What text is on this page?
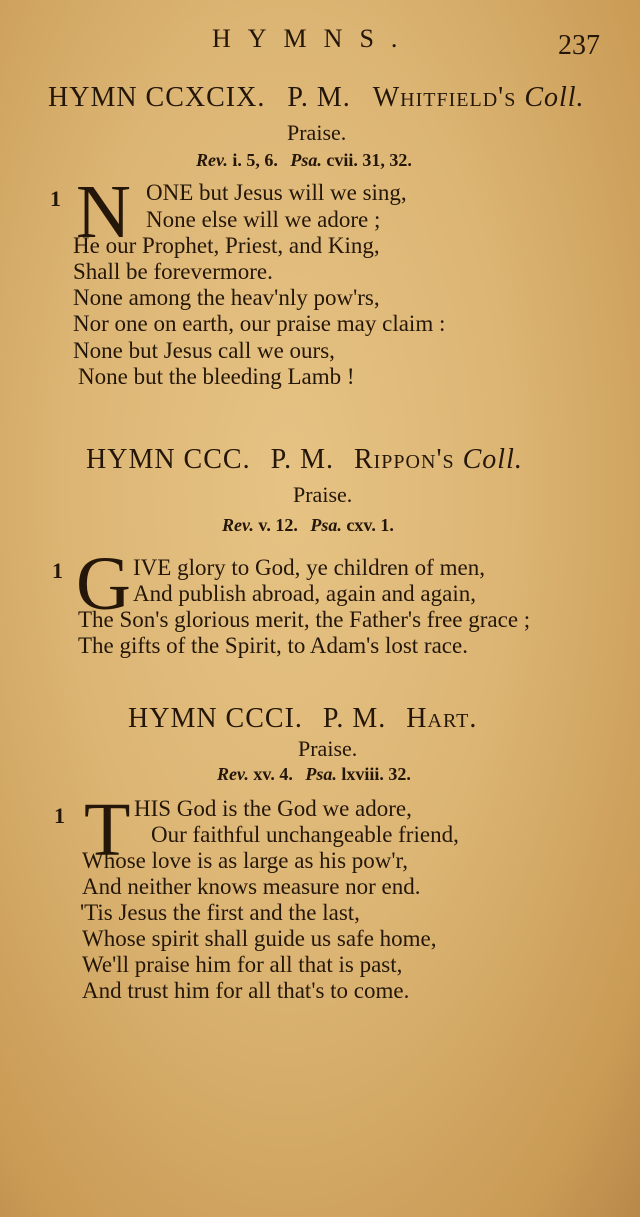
HYMNS.	237
HYMN CCXCIX. P. M. Whitfield's Coll.
Praise.
Rev. i. 5, 6. Psa. cvii. 31, 32.
1 N ONE but Jesus will we sing,
None else will we adore ;
He our Prophet, Priest, and King,
Shall be forevermore.
None among the heav'nly pow'rs,
Nor one on earth, our praise may claim :
None but Jesus call we ours,
None but the bleeding Lamb !
HYMN CCC. P. M. Rippon's Coll.
Praise.
Rev. v. 12. Psa. cxv. 1.
1 G IVE glory to God, ye children of men,
And publish abroad, again and again,
The Son's glorious merit, the Father's free grace ;
The gifts of the Spirit, to Adam's lost race.
HYMN CCCI. P. M. Hart.
Praise.
Rev. xv. 4. Psa. lxviii. 32.
1 T HIS God is the God we adore,
Our faithful unchangeable friend,
Whose love is as large as his pow'r,
And neither knows measure nor end.
'Tis Jesus the first and the last,
Whose spirit shall guide us safe home,
We'll praise him for all that is past,
And trust him for all that's to come.
